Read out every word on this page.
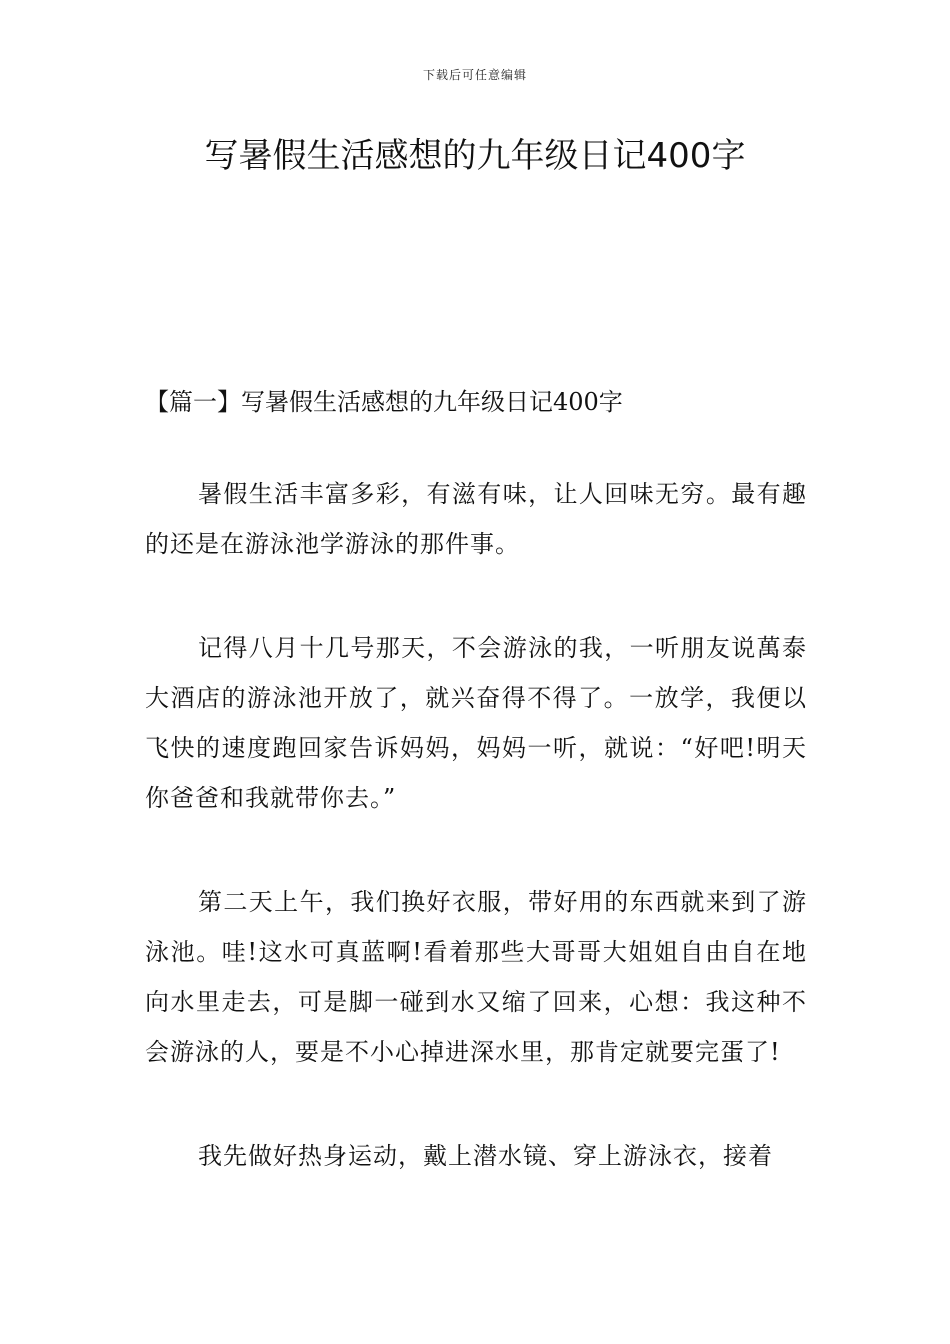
下载后可任意编辑
写暑假生活感想的九年级日记400字

【篇一】写暑假生活感想的九年级日记400字

暑假生活丰富多彩，有滋有味，让人回味无穷。最有趣的还是在游泳池学游泳的那件事。

记得八月十几号那天，不会游泳的我，一听朋友说萬泰大酒店的游泳池开放了，就兴奋得不得了。一放学，我便以飞快的速度跑回家告诉妈妈，妈妈一听，就说：“好吧!明天你爸爸和我就带你去。”

第二天上午，我们换好衣服，带好用的东西就来到了游泳池。哇!这水可真蓝啊!看着那些大哥哥大姐姐自由自在地向水里走去，可是脚一碰到水又缩了回来，心想：我这种不会游泳的人，要是不小心掉进深水里，那肯定就要完蛋了!

我先做好热身运动，戴上潜水镜、穿上游泳衣，接着
